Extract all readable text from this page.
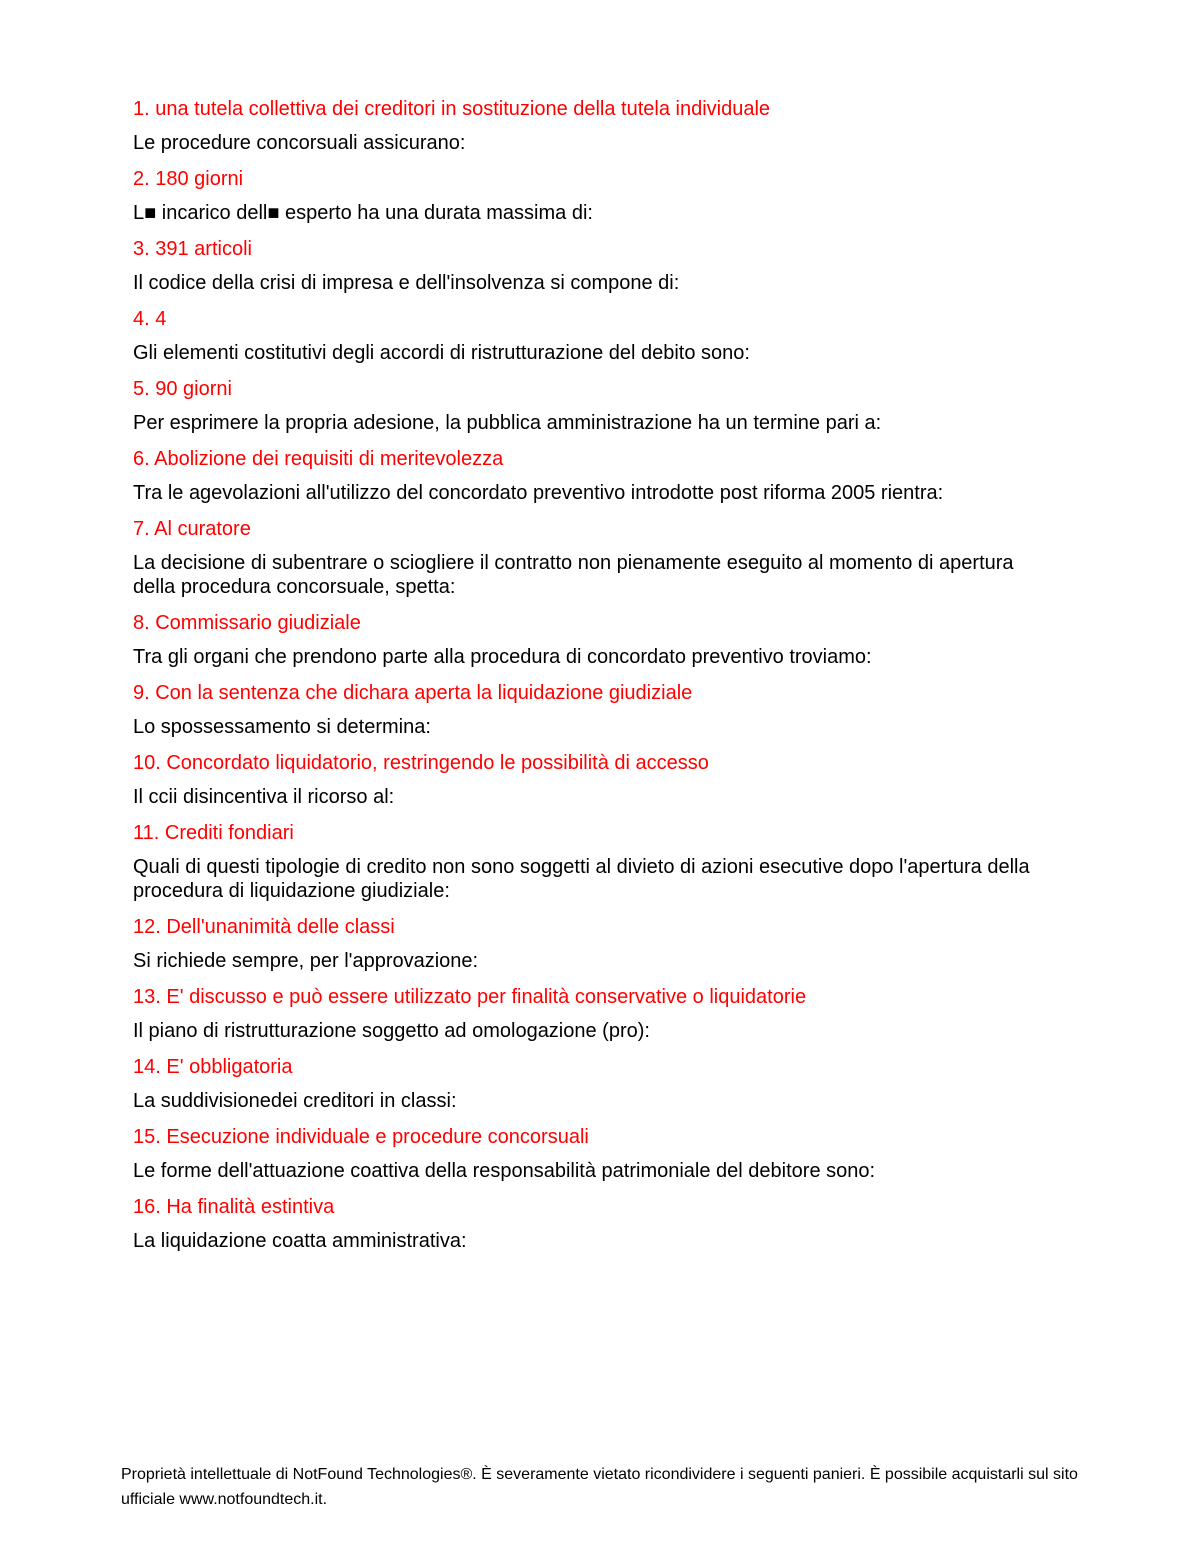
1. una tutela collettiva dei creditori in sostituzione della tutela individuale

Le procedure concorsuali assicurano:

2. 180 giorni

L■ incarico dell■ esperto ha una durata massima di:

3. 391 articoli

Il codice della crisi di impresa e dell'insolvenza si compone di:

4. 4

Gli elementi costitutivi degli accordi di ristrutturazione del debito sono:

5. 90 giorni

Per esprimere la propria adesione, la pubblica amministrazione ha un termine pari a:

6. Abolizione dei requisiti di meritevolezza

Tra le agevolazioni all'utilizzo del concordato preventivo introdotte post riforma 2005 rientra:

7. Al curatore

La decisione di subentrare o sciogliere il contratto non pienamente eseguito al momento di apertura della procedura concorsuale, spetta:

8. Commissario giudiziale

Tra gli organi che prendono parte alla procedura di concordato preventivo troviamo:

9. Con la sentenza che dichara aperta la liquidazione giudiziale

Lo spossessamento si determina:

10. Concordato liquidatorio, restringendo le possibilità di accesso

Il ccii disincentiva il ricorso al:

11. Crediti fondiari

Quali di questi tipologie di credito non sono soggetti al divieto di azioni esecutive dopo l'apertura della procedura di liquidazione giudiziale:

12. Dell'unanimità delle classi

Si richiede sempre, per l'approvazione:

13. E' discusso e può essere utilizzato per finalità conservative o liquidatorie

Il piano di ristrutturazione soggetto ad omologazione (pro):

14. E' obbligatoria

La suddivisionedei creditori in classi:

15. Esecuzione individuale e procedure concorsuali

Le forme dell'attuazione coattiva della responsabilità patrimoniale del debitore sono:

16. Ha finalità estintiva

La liquidazione coatta amministrativa:

Proprietà intellettuale di NotFound Technologies®. È severamente vietato ricondividere i seguenti panieri. È possibile acquistarli sul sito ufficiale www.notfoundtech.it.
